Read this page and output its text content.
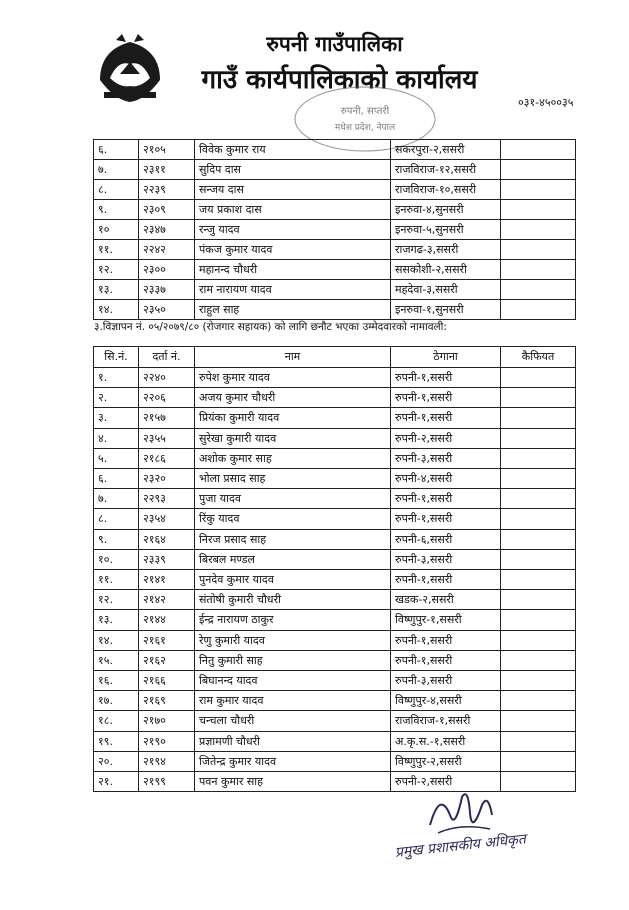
रुपनी गाउँपालिका
गाउँ कार्यपालिकाको कार्यालय
०३१-४५००३५
रुपनी, सप्तरी
मधेश प्रदेश, नेपाल
६.	२१०५	विवेक कुमार राय	सकरपुरा-२,ससरी	
७.	२३११	सुदिप दास	राजविराज-१२,ससरी	
८.	२२३९	सन्जय दास	राजविराज-१०,ससरी	
९.	२३०९	जय प्रकाश दास	इनरुवा-४,सुनसरी	
१०	२३४७	रन्जु यादव	इनरुवा-५,सुनसरी	
११.	२२४२	पंकज कुमार यादव	राजगढ-३,ससरी	
१२.	२३००	महानन्द चौधरी	ससकोशी-२,ससरी	
१३.	२३३७	राम नारायण यादव	महदेवा-३,ससरी	
१४.	२३५०	राहुल साह	इनरुवा-१,सुनसरी	
३.विज्ञापन नं. ०५/२०७९/८० (रोजगार सहायक) को लागि छनौट भएका उम्मेदवारको नामावली:
सि.नं.	दर्ता नं.	नाम	ठेगाना	कैफियत
१.	२२४०	रुपेश कुमार यादव	रुपनी-१,ससरी	
२.	२२०६	अजय कुमार चौधरी	रुपनी-१,ससरी	
३.	२१५७	प्रियंका कुमारी यादव	रुपनी-१,ससरी	
४.	२३५५	सुरेखा कुमारी यादव	रुपनी-२,ससरी	
५.	२१८६	अशोक कुमार साह	रुपनी-३,ससरी	
६.	२३२०	भोला प्रसाद साह	रुपनी-४,ससरी	
७.	२२९३	पुजा यादव	रुपनी-१,ससरी	
८.	२३५४	रिंकु यादव	रुपनी-१,ससरी	
९.	२१६४	निरज प्रसाद साह	रुपनी-६,ससरी	
१०.	२३३९	बिरबल मण्डल	रुपनी-३,ससरी	
११.	२१४१	पुनदेव कुमार यादव	रुपनी-१,ससरी	
१२.	२१४२	संतोषी कुमारी चौधरी	खडक-२,ससरी	
१३.	२१४४	ईन्द्र नारायण ठाकुर	विष्णुपुर-१,ससरी	
१४.	२१६१	रेणु कुमारी यादव	रुपनी-१,ससरी	
१५.	२१६२	नितु कुमारी साह	रुपनी-१,ससरी	
१६.	२१६६	बिघानन्द यादव	रुपनी-३,ससरी	
१७.	२१६९	राम कुमार यादव	विष्णुपुर-४,ससरी	
१८.	२१७०	चन्चला चौधरी	राजविराज-१,ससरी	
१९.	२१९०	प्रज्ञामणी चौधरी	अ.कृ.स.-१,ससरी	
२०.	२१९४	जितेन्द्र कुमार यादव	विष्णुपुर-२,ससरी	
२१.	२१९९	पवन कुमार साह	रुपनी-२,ससरी	
प्रमुख प्रशासकीय अधिकृत
